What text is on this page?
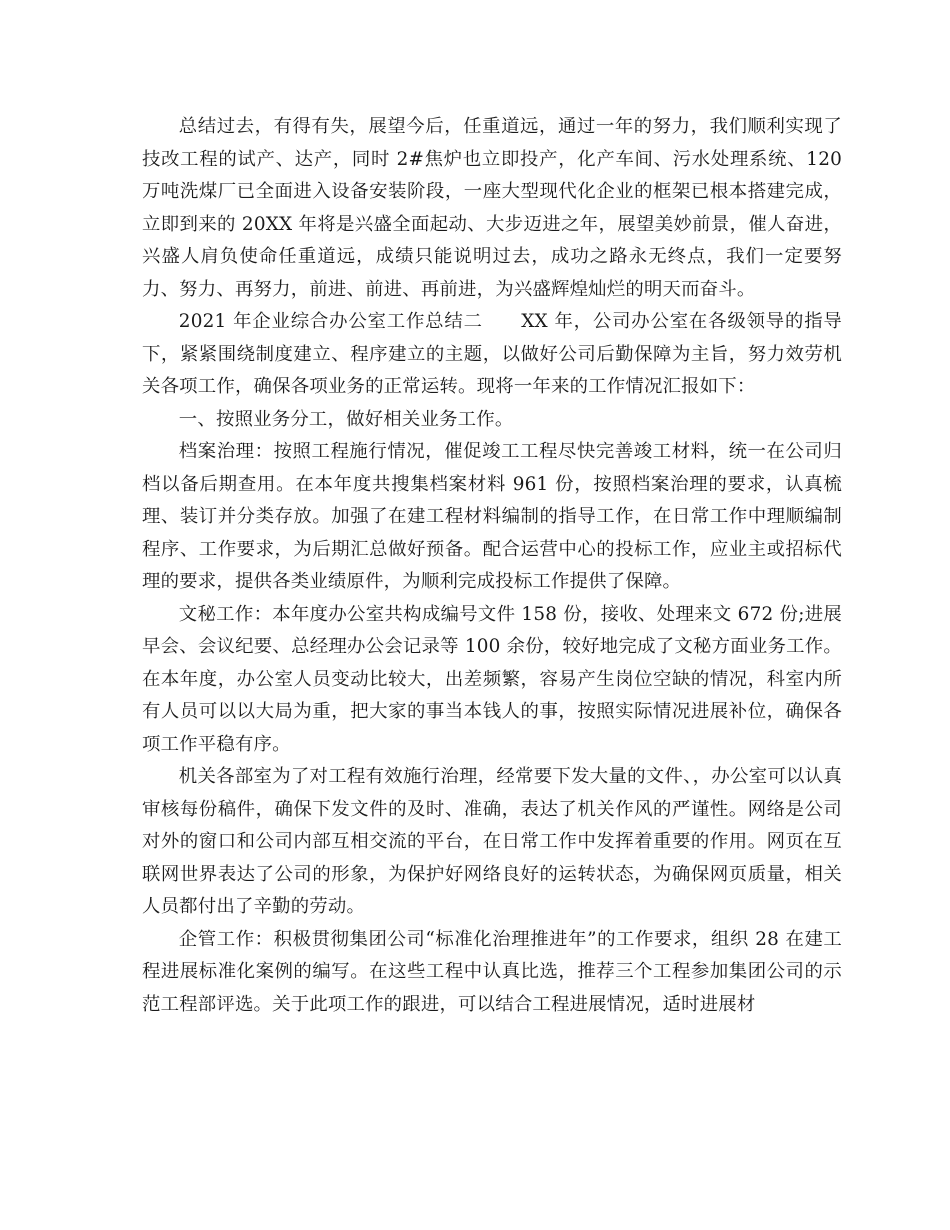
总结过去，有得有失，展望今后，任重道远，通过一年的努力，我们顺利实现了技改工程的试产、达产，同时 2#焦炉也立即投产，化产车间、污水处理系统、120 万吨洗煤厂已全面进入设备安装阶段，一座大型现代化企业的框架已根本搭建完成，立即到来的 20XX 年将是兴盛全面起动、大步迈进之年，展望美妙前景，催人奋进，兴盛人肩负使命任重道远，成绩只能说明过去，成功之路永无终点，我们一定要努力、努力、再努力，前进、前进、再前进，为兴盛辉煌灿烂的明天而奋斗。

2021 年企业综合办公室工作总结二　　XX 年，公司办公室在各级领导的指导下，紧紧围绕制度建立、程序建立的主题，以做好公司后勤保障为主旨，努力效劳机关各项工作，确保各项业务的正常运转。现将一年来的工作情况汇报如下：

一、按照业务分工，做好相关业务工作。

档案治理：按照工程施行情况，催促竣工工程尽快完善竣工材料，统一在公司归档以备后期查用。在本年度共搜集档案材料 961 份，按照档案治理的要求，认真梳理、装订并分类存放。加强了在建工程材料编制的指导工作，在日常工作中理顺编制程序、工作要求，为后期汇总做好预备。配合运营中心的投标工作，应业主或招标代理的要求，提供各类业绩原件，为顺利完成投标工作提供了保障。

文秘工作：本年度办公室共构成编号文件 158 份，接收、处理来文 672 份;进展早会、会议纪要、总经理办公会记录等 100 余份，较好地完成了文秘方面业务工作。在本年度，办公室人员变动比较大，出差频繁，容易产生岗位空缺的情况，科室内所有人员可以以大局为重，把大家的事当本钱人的事，按照实际情况进展补位，确保各项工作平稳有序。

机关各部室为了对工程有效施行治理，经常要下发大量的文件、，办公室可以认真审核每份稿件，确保下发文件的及时、准确，表达了机关作风的严谨性。网络是公司对外的窗口和公司内部互相交流的平台，在日常工作中发挥着重要的作用。网页在互联网世界表达了公司的形象，为保护好网络良好的运转状态，为确保网页质量，相关人员都付出了辛勤的劳动。

企管工作：积极贯彻集团公司“标准化治理推进年”的工作要求，组织 28 在建工程进展标准化案例的编写。在这些工程中认真比选，推荐三个工程参加集团公司的示范工程部评选。关于此项工作的跟进，可以结合工程进展情况，适时进展材
